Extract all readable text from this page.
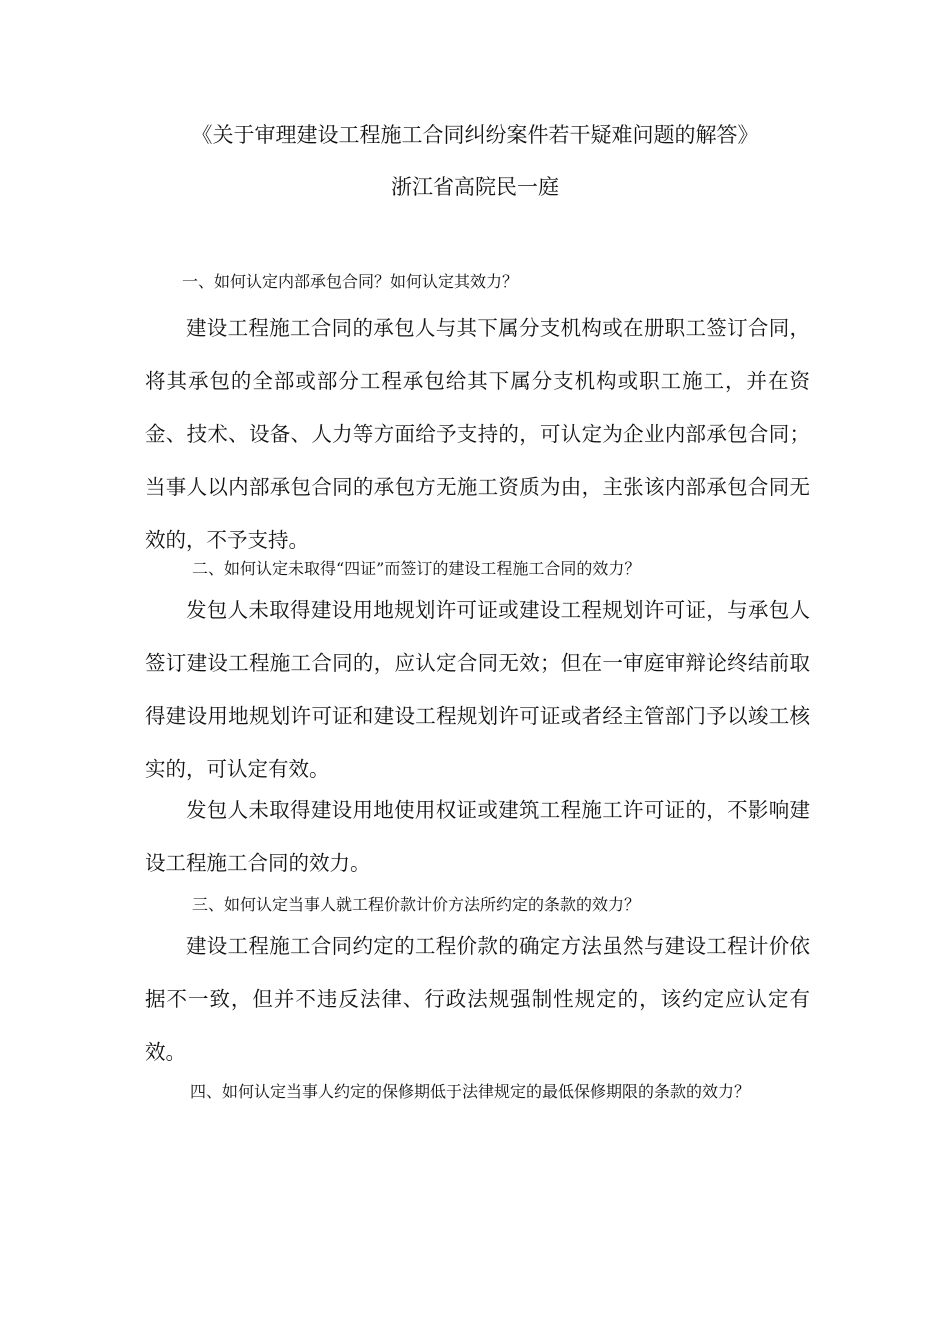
《关于审理建设工程施工合同纠纷案件若干疑难问题的解答》
浙江省高院民一庭
一、如何认定内部承包合同？如何认定其效力？
建设工程施工合同的承包人与其下属分支机构或在册职工签订合同，将其承包的全部或部分工程承包给其下属分支机构或职工施工，并在资金、技术、设备、人力等方面给予支持的，可认定为企业内部承包合同；当事人以内部承包合同的承包方无施工资质为由，主张该内部承包合同无效的，不予支持。
二、如何认定未取得“四证”而签订的建设工程施工合同的效力？
发包人未取得建设用地规划许可证或建设工程规划许可证，与承包人签订建设工程施工合同的，应认定合同无效；但在一审庭审辩论终结前取得建设用地规划许可证和建设工程规划许可证或者经主管部门予以竣工核实的，可认定有效。
发包人未取得建设用地使用权证或建筑工程施工许可证的，不影响建设工程施工合同的效力。
三、如何认定当事人就工程价款计价方法所约定的条款的效力？
建设工程施工合同约定的工程价款的确定方法虽然与建设工程计价依据不一致，但并不违反法律、行政法规强制性规定的，该约定应认定有效。
四、如何认定当事人约定的保修期低于法律规定的最低保修期限的条款的效力？
